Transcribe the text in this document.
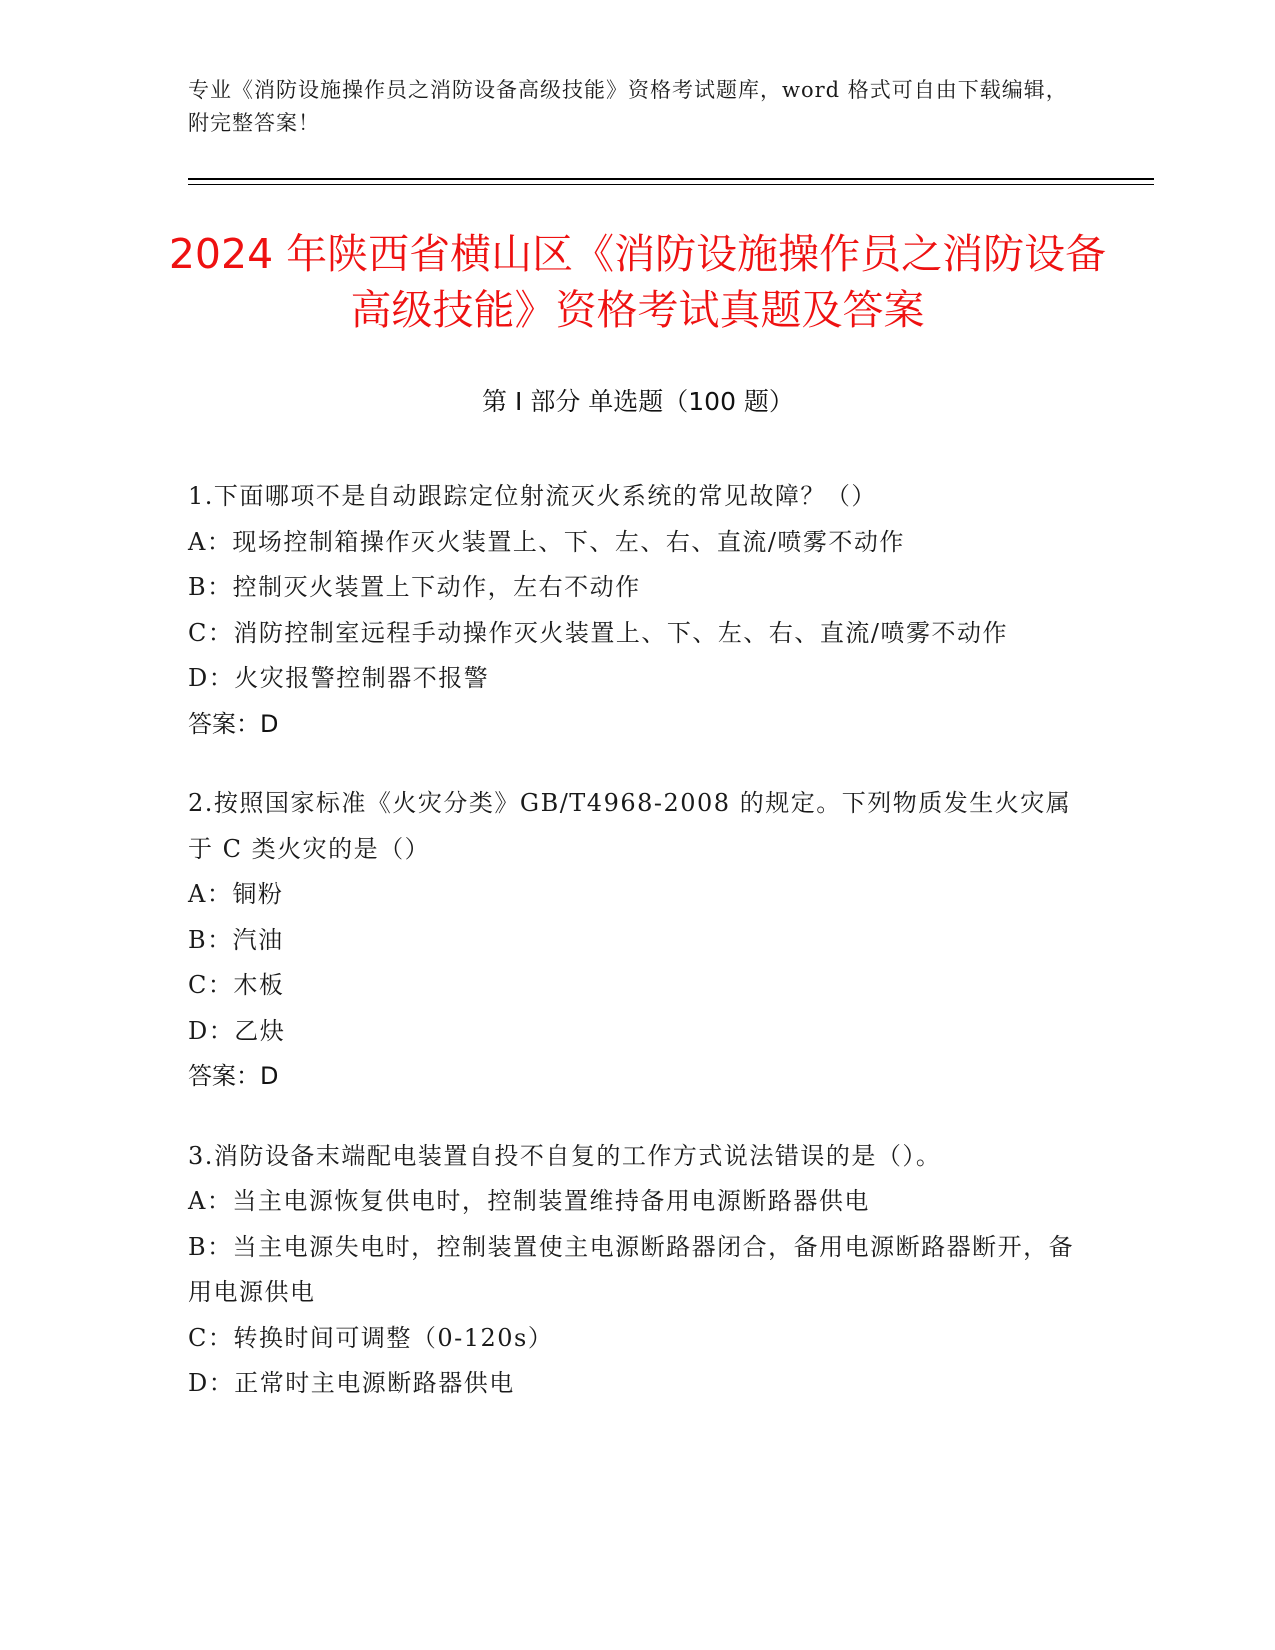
专业《消防设施操作员之消防设备高级技能》资格考试题库，word 格式可自由下载编辑，附完整答案！
2024 年陕西省横山区《消防设施操作员之消防设备高级技能》资格考试真题及答案
第 I 部分 单选题（100 题）
1.下面哪项不是自动跟踪定位射流灭火系统的常见故障？（）
A：现场控制箱操作灭火装置上、下、左、右、直流/喷雾不动作
B：控制灭火装置上下动作，左右不动作
C：消防控制室远程手动操作灭火装置上、下、左、右、直流/喷雾不动作
D：火灾报警控制器不报警
答案：D
2.按照国家标准《火灾分类》GB/T4968-2008 的规定。下列物质发生火灾属于 C 类火灾的是（）
A：铜粉
B：汽油
C：木板
D：乙炔
答案：D
3.消防设备末端配电装置自投不自复的工作方式说法错误的是（）。
A：当主电源恢复供电时，控制装置维持备用电源断路器供电
B：当主电源失电时，控制装置使主电源断路器闭合，备用电源断路器断开，备用电源供电
C：转换时间可调整（0-120s）
D：正常时主电源断路器供电
